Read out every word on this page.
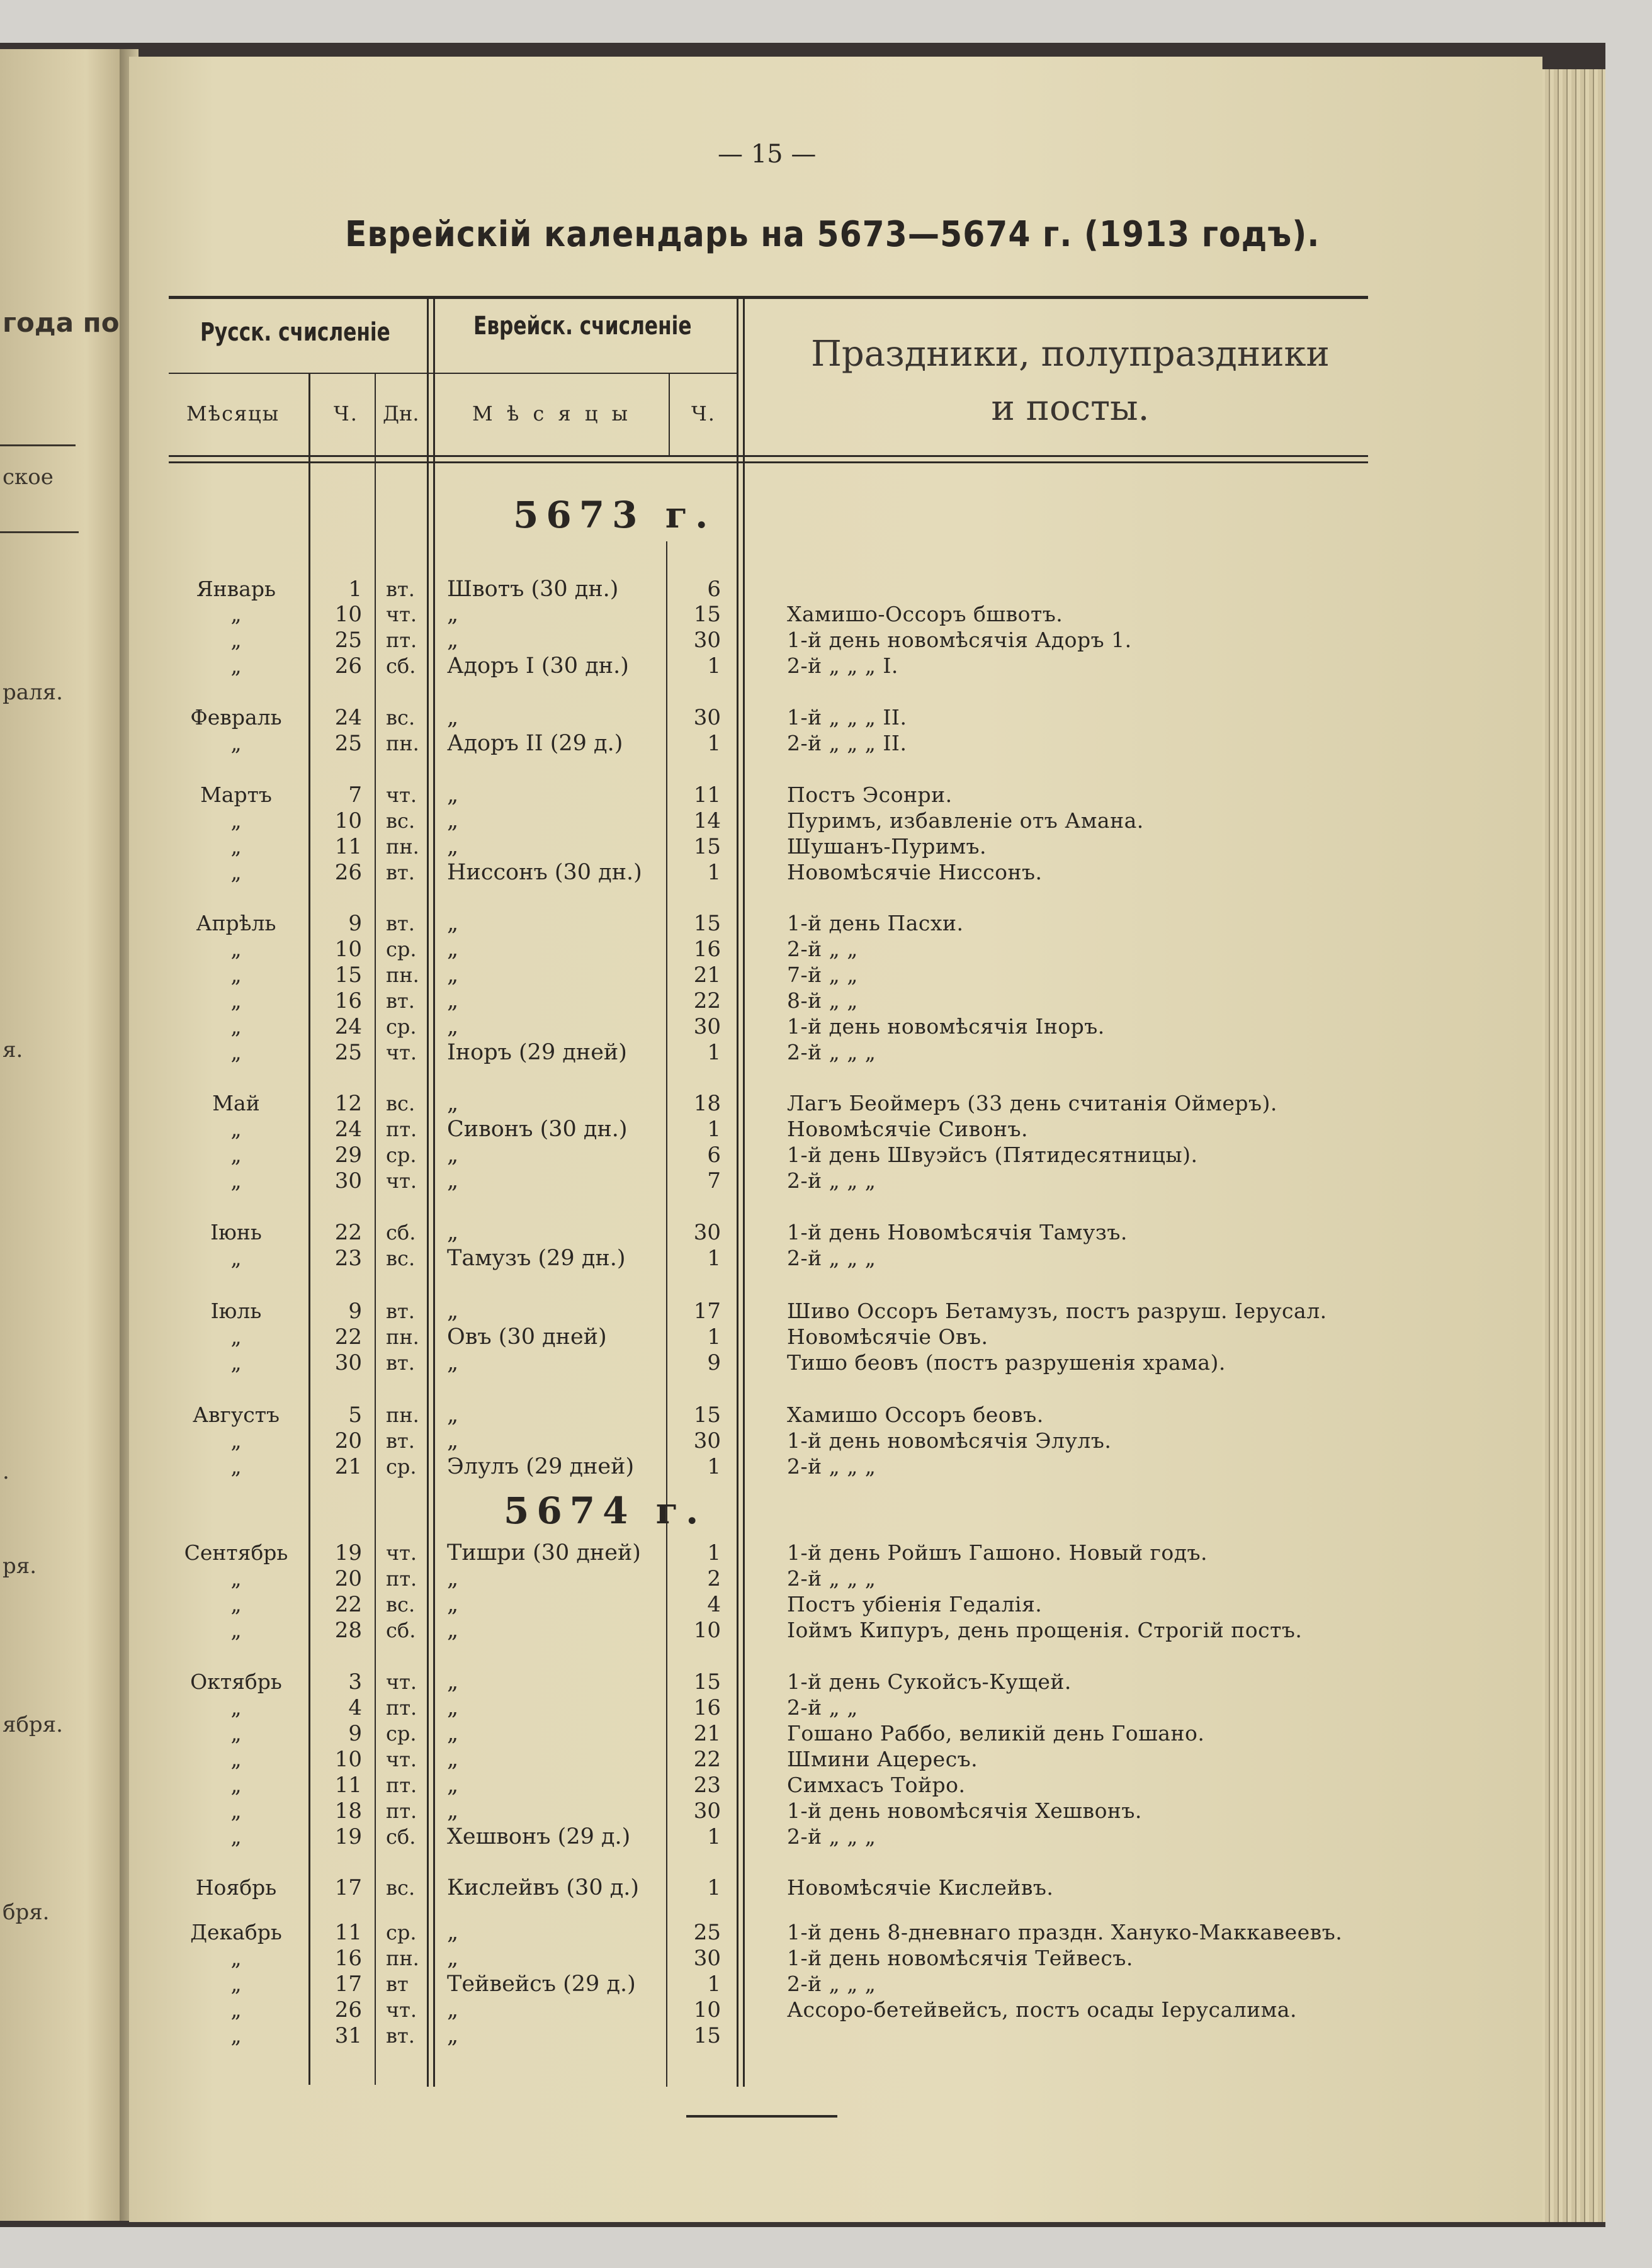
года по
ское
раля.
я.
.
ря.
ября.
бря.
— 15 —
Еврейскій календарь на 5673—5674 г. (1913 годъ).
Русск. счисленіе	Еврейск. счисленіе
Праздники, полупраздники
и посты.
Мѣсяцы	Ч. Дн.	М ѣ с я ц ы	Ч.
5673 г.
5674 г.
Январь	1 вт. Швотъ (30 дн.)	6
„	10 чт. „	15	Хамишо-Оссоръ бшвотъ.
„	25 пт. „	30	1-й день новомѣсячія Адоръ 1.
„	26 сб. Адоръ I (30 дн.)	1	2-й „ „ „ I.
Февраль	24 вс. „	30	1-й „ „ „ II.
„	25 пн. Адоръ II (29 д.)	1	2-й „ „ „ II.
Мартъ	7 чт. „	11	Постъ Эсонри.
„	10 вс. „	14	Пуримъ, избавленіе отъ Амана.
„	11 пн. „	15	Шушанъ-Пуримъ.
„	26 вт. Ниссонъ (30 дн.)	1	Новомѣсячіе Ниссонъ.
Апрѣль	9 вт. „	15	1-й день Пасхи.
„	10 ср. „	16	2-й „ „
„	15 пн. „	21	7-й „ „
„	16 вт. „	22	8-й „ „
„	24 ср. „	30	1-й день новомѣсячія Іноръ.
„	25 чт. Іноръ (29 дней)	1	2-й „ „ „
Май	12 вс. „	18	Лагъ Беоймеръ (33 день считанія Оймеръ).
„	24 пт. Сивонъ (30 дн.)	1	Новомѣсячіе Сивонъ.
„	29 ср. „	6	1-й день Швуэйсъ (Пятидесятницы).
„	30 чт. „	7	2-й „ „ „
Іюнь	22 сб. „	30	1-й день Новомѣсячія Тамузъ.
„	23 вс. Тамузъ (29 дн.)	1	2-й „ „ „
Іюль	9 вт. „	17	Шиво Оссоръ Бетамузъ, постъ разруш. Іерусал.
„	22 пн. Овъ (30 дней)	1	Новомѣсячіе Овъ.
„	30 вт. „	9	Тишо беовъ (постъ разрушенія храма).
Августъ	5 пн. „	15	Хамишо Оссоръ беовъ.
„	20 вт. „	30	1-й день новомѣсячія Элулъ.
„	21 ср. Элулъ (29 дней)	1	2-й „ „ „
Сентябрь	19 чт. Тишри (30 дней)	1	1-й день Ройшъ Гашоно. Новый годъ.
„	20 пт. „	2	2-й „ „ „
„	22 вс. „	4	Постъ убіенія Гедалія.
„	28 сб. „	10	Іоймъ Кипуръ, день прощенія. Строгій постъ.
Октябрь	3 чт. „	15	1-й день Сукойсъ-Кущей.
„	4 пт. „	16	2-й „ „
„	9 ср. „	21	Гошано Раббо, великій день Гошано.
„	10 чт. „	22	Шмини Ацересъ.
„	11 пт. „	23	Симхасъ Тойро.
„	18 пт. „	30	1-й день новомѣсячія Хешвонъ.
„	19 сб. Хешвонъ (29 д.)	1	2-й „ „ „
Ноябрь	17 вс. Кислейвъ (30 д.)	1	Новомѣсячіе Кислейвъ.
Декабрь	11 ср. „	25	1-й день 8-дневнаго праздн. Хануко-Маккавеевъ.
„	16 пн. „	30	1-й день новомѣсячія Тейвесъ.
„	17 вт Тейвейсъ (29 д.)	1	2-й „ „ „
„	26 чт. „	10	Ассоро-бетейвейсъ, постъ осады Іерусалима.
„	31 вт. „	15
